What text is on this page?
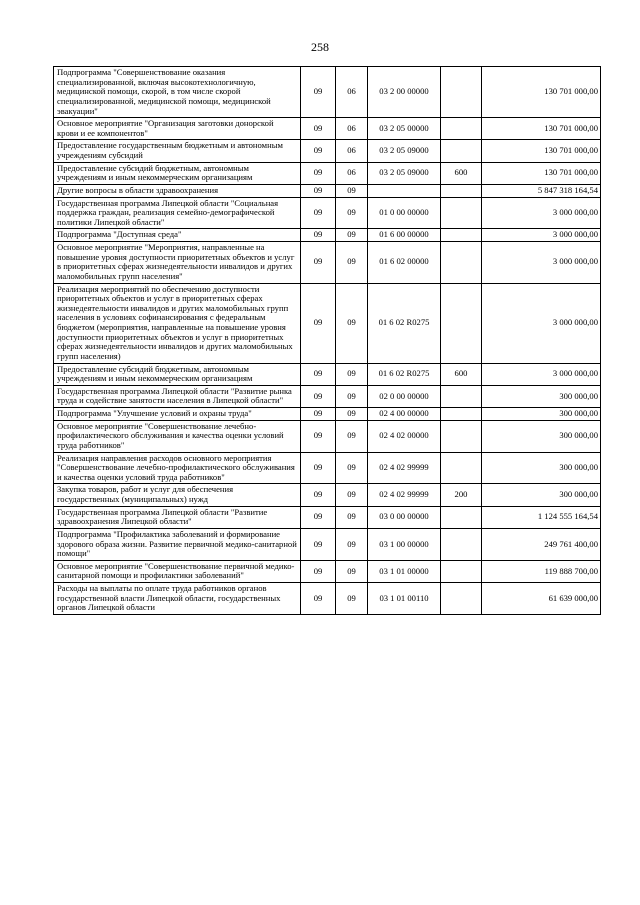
258
Подпрограмма "Совершенствование оказания специализированной, включая высокотехнологичную, медицинской помощи, скорой, в том числе скорой специализированной, медицинской помощи, медицинской эвакуации"	09	06	03 2 00 00000		130 701 000,00
Основное мероприятие "Организация заготовки донорской крови и ее компонентов"	09	06	03 2 05 00000		130 701 000,00
Предоставление государственным бюджетным и автономным учреждениям субсидий	09	06	03 2 05 09000		130 701 000,00
Предоставление субсидий бюджетным, автономным учреждениям и иным некоммерческим организациям	09	06	03 2 05 09000	600	130 701 000,00
Другие вопросы в области здравоохранения	09	09			5 847 318 164,54
Государственная программа Липецкой области "Социальная поддержка граждан, реализация семейно-демографической политики Липецкой области"	09	09	01 0 00 00000		3 000 000,00
Подпрограмма "Доступная среда"	09	09	01 6 00 00000		3 000 000,00
Основное мероприятие "Мероприятия, направленные на повышение уровня доступности приоритетных объектов и услуг в приоритетных сферах жизнедеятельности инвалидов и других маломобильных групп населения"	09	09	01 6 02 00000		3 000 000,00
Реализация мероприятий по обеспечению доступности приоритетных объектов и услуг в приоритетных сферах жизнедеятельности инвалидов и других маломобильных групп населения в условиях софинансирования с федеральным бюджетом (мероприятия, направленные на повышение уровня доступности приоритетных объектов и услуг в приоритетных сферах жизнедеятельности инвалидов и других маломобильных групп населения)	09	09	01 6 02 R0275		3 000 000,00
Предоставление субсидий бюджетным, автономным учреждениям и иным некоммерческим организациям	09	09	01 6 02 R0275	600	3 000 000,00
Государственная программа Липецкой области "Развитие рынка труда и содействие занятости населения в Липецкой области"	09	09	02 0 00 00000		300 000,00
Подпрограмма "Улучшение условий и охраны труда"	09	09	02 4 00 00000		300 000,00
Основное мероприятие "Совершенствование лечебно-профилактического обслуживания и качества оценки условий труда работников"	09	09	02 4 02 00000		300 000,00
Реализация направления расходов основного мероприятия "Совершенствование лечебно-профилактического обслуживания и качества оценки условий труда работников"	09	09	02 4 02 99999		300 000,00
Закупка товаров, работ и услуг для обеспечения государственных (муниципальных) нужд	09	09	02 4 02 99999	200	300 000,00
Государственная программа Липецкой области "Развитие здравоохранения Липецкой области"	09	09	03 0 00 00000		1 124 555 164,54
Подпрограмма "Профилактика заболеваний и формирование здорового образа жизни. Развитие первичной медико-санитарной помощи"	09	09	03 1 00 00000		249 761 400,00
Основное мероприятие "Совершенствование первичной медико-санитарной помощи и профилактики заболеваний"	09	09	03 1 01 00000		119 888 700,00
Расходы на выплаты по оплате труда работников органов государственной власти Липецкой области, государственных органов Липецкой области	09	09	03 1 01 00110		61 639 000,00
